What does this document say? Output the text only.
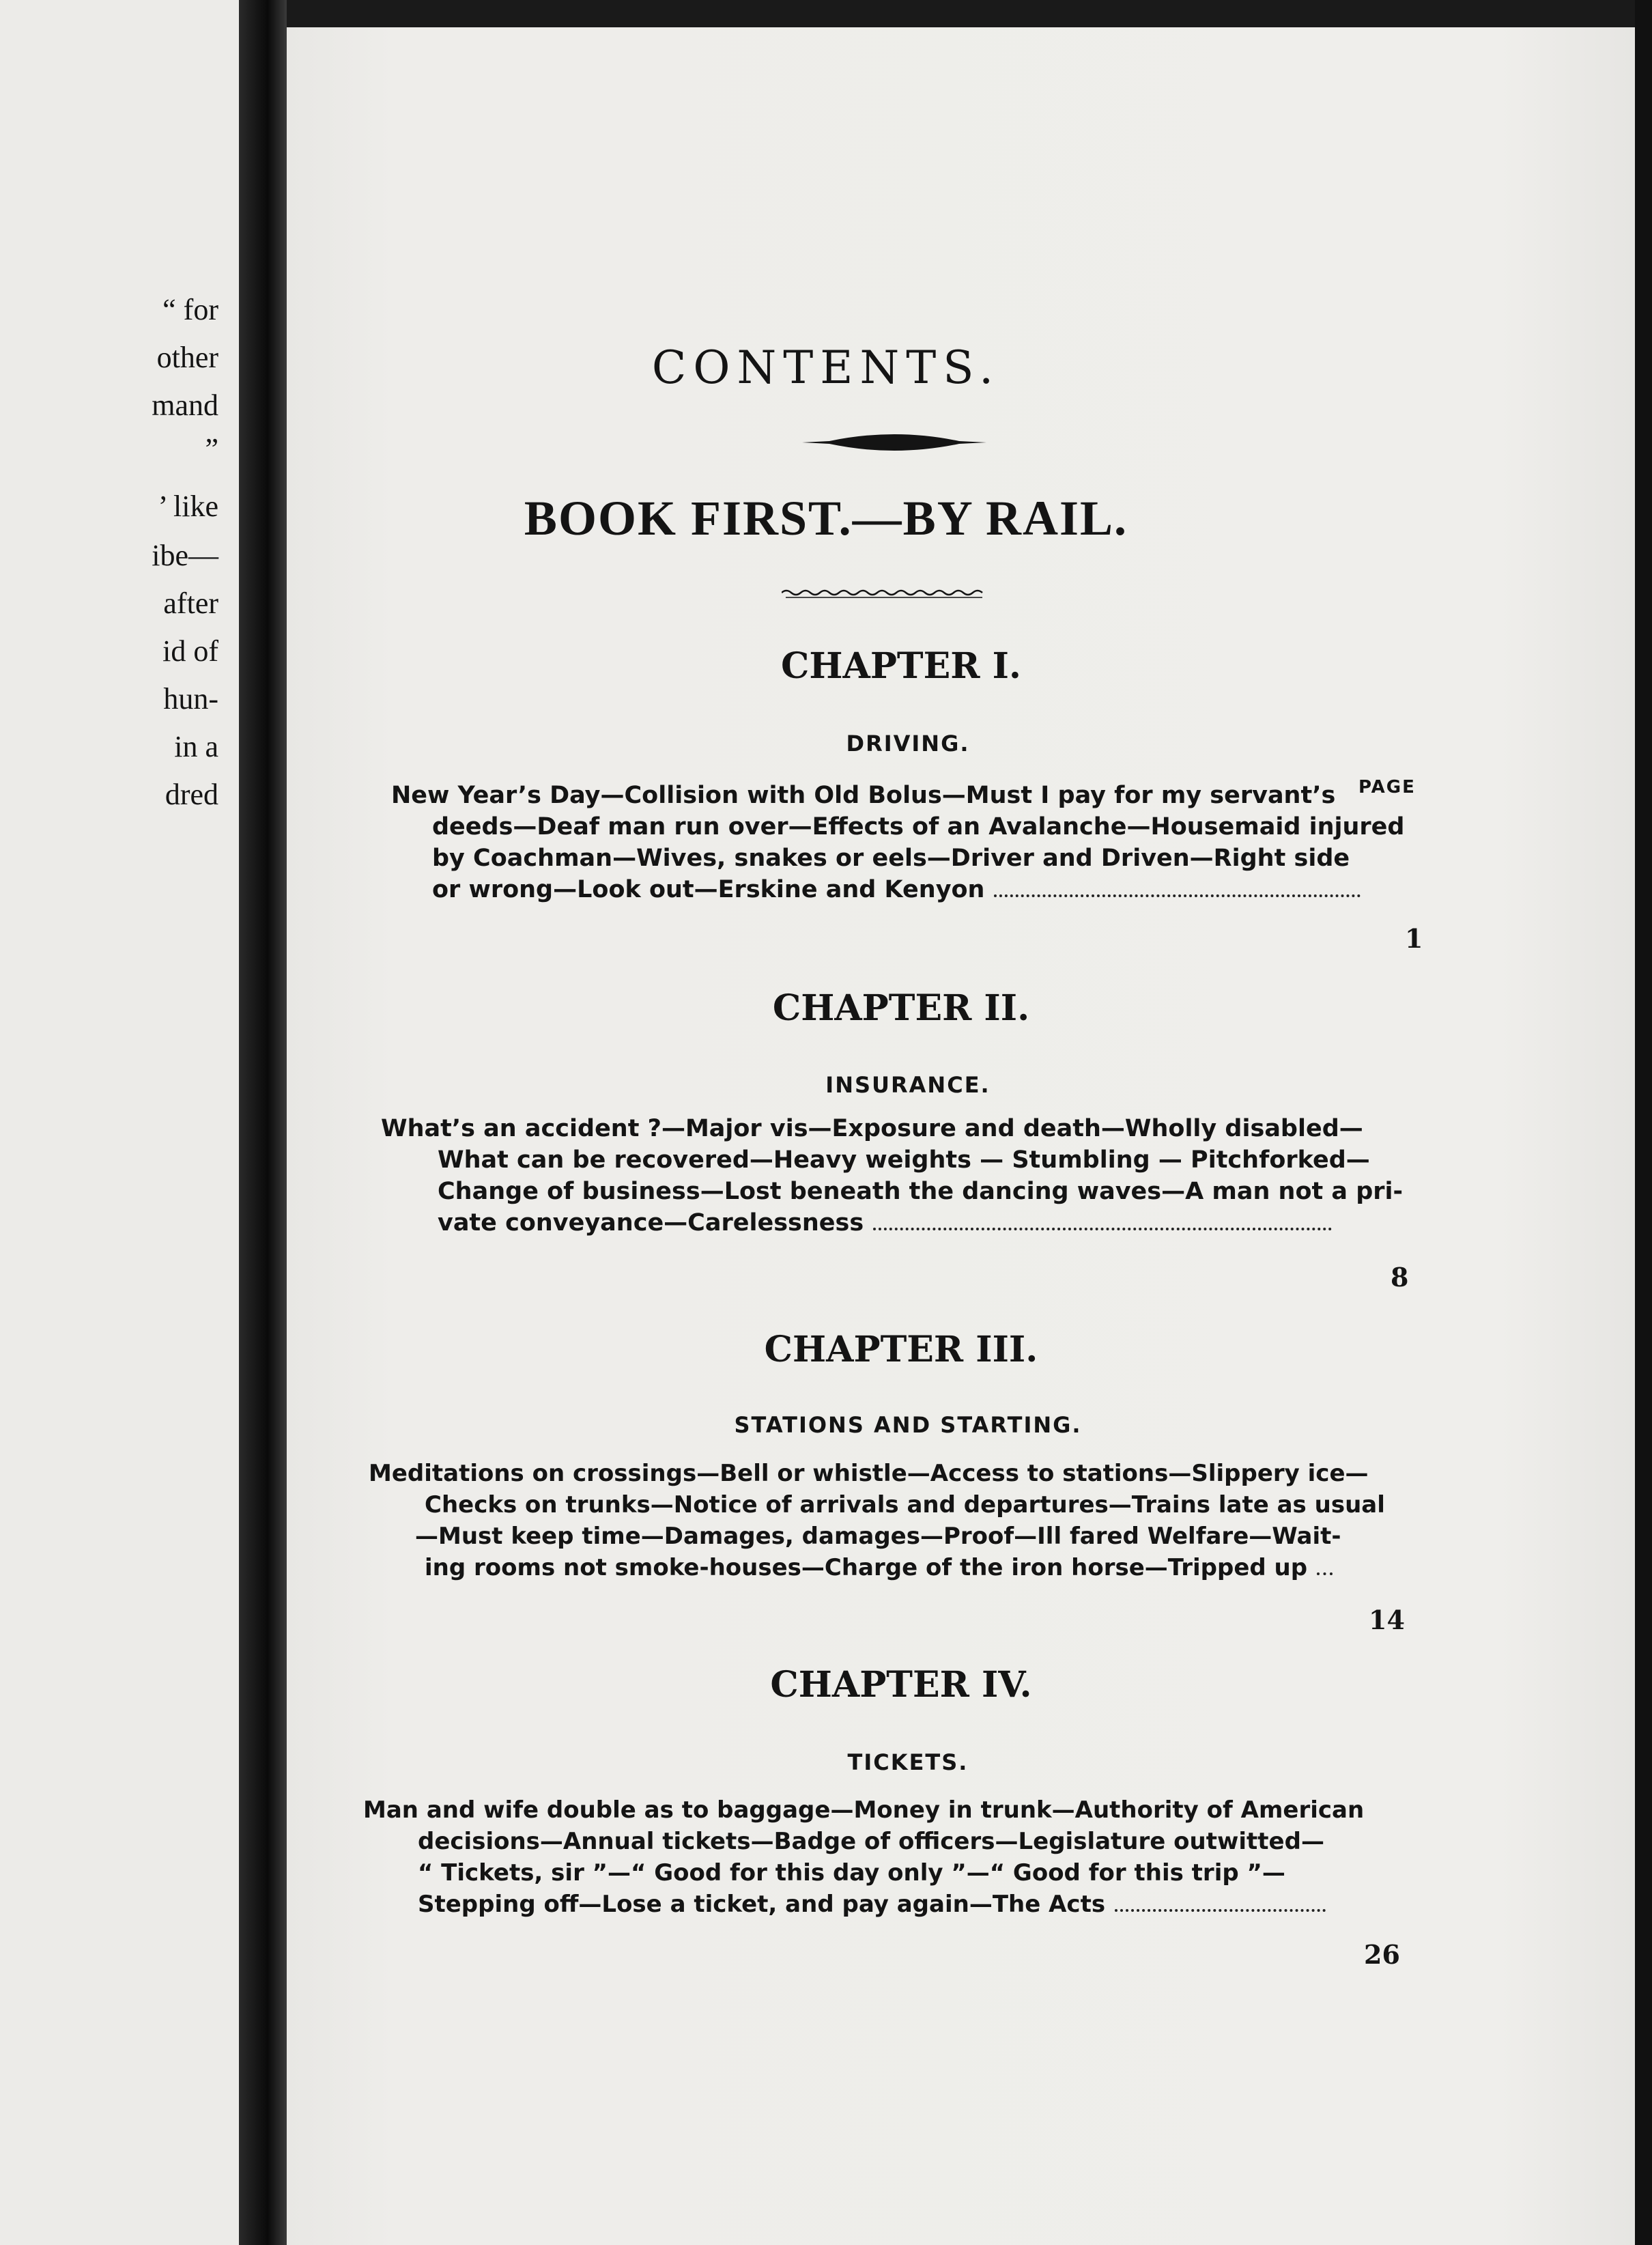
“ for
other
mand
”
’ like
ibe—
after
id of
hun-
in a
dred
CONTENTS.
BOOK FIRST.—BY RAIL.
PAGE
CHAPTER I.
DRIVING.
New Year’s Day—Collision with Old Bolus—Must I pay for my servant’s
deeds—Deaf man run over—Effects of an Avalanche—Housemaid injured
by Coachman—Wives, snakes or eels—Driver and Driven—Right side
or wrong—Look out—Erskine and Kenyon
1
CHAPTER II.
INSURANCE.
What’s an accident ?—Major vis—Exposure and death—Wholly disabled—
What can be recovered—Heavy weights — Stumbling — Pitchforked—
Change of business—Lost beneath the dancing waves—A man not a pri-
vate conveyance—Carelessness
8
CHAPTER III.
STATIONS AND STARTING.
Meditations on crossings—Bell or whistle—Access to stations—Slippery ice—
Checks on trunks—Notice of arrivals and departures—Trains late as usual
—Must keep time—Damages, damages—Proof—Ill fared Welfare—Wait-
ing rooms not smoke-houses—Charge of the iron horse—Tripped up
14
CHAPTER IV.
TICKETS.
Man and wife double as to baggage—Money in trunk—Authority of American
decisions—Annual tickets—Badge of officers—Legislature outwitted—
“ Tickets, sir ”—“ Good for this day only ”—“ Good for this trip ”—
Stepping off—Lose a ticket, and pay again—The Acts
26
